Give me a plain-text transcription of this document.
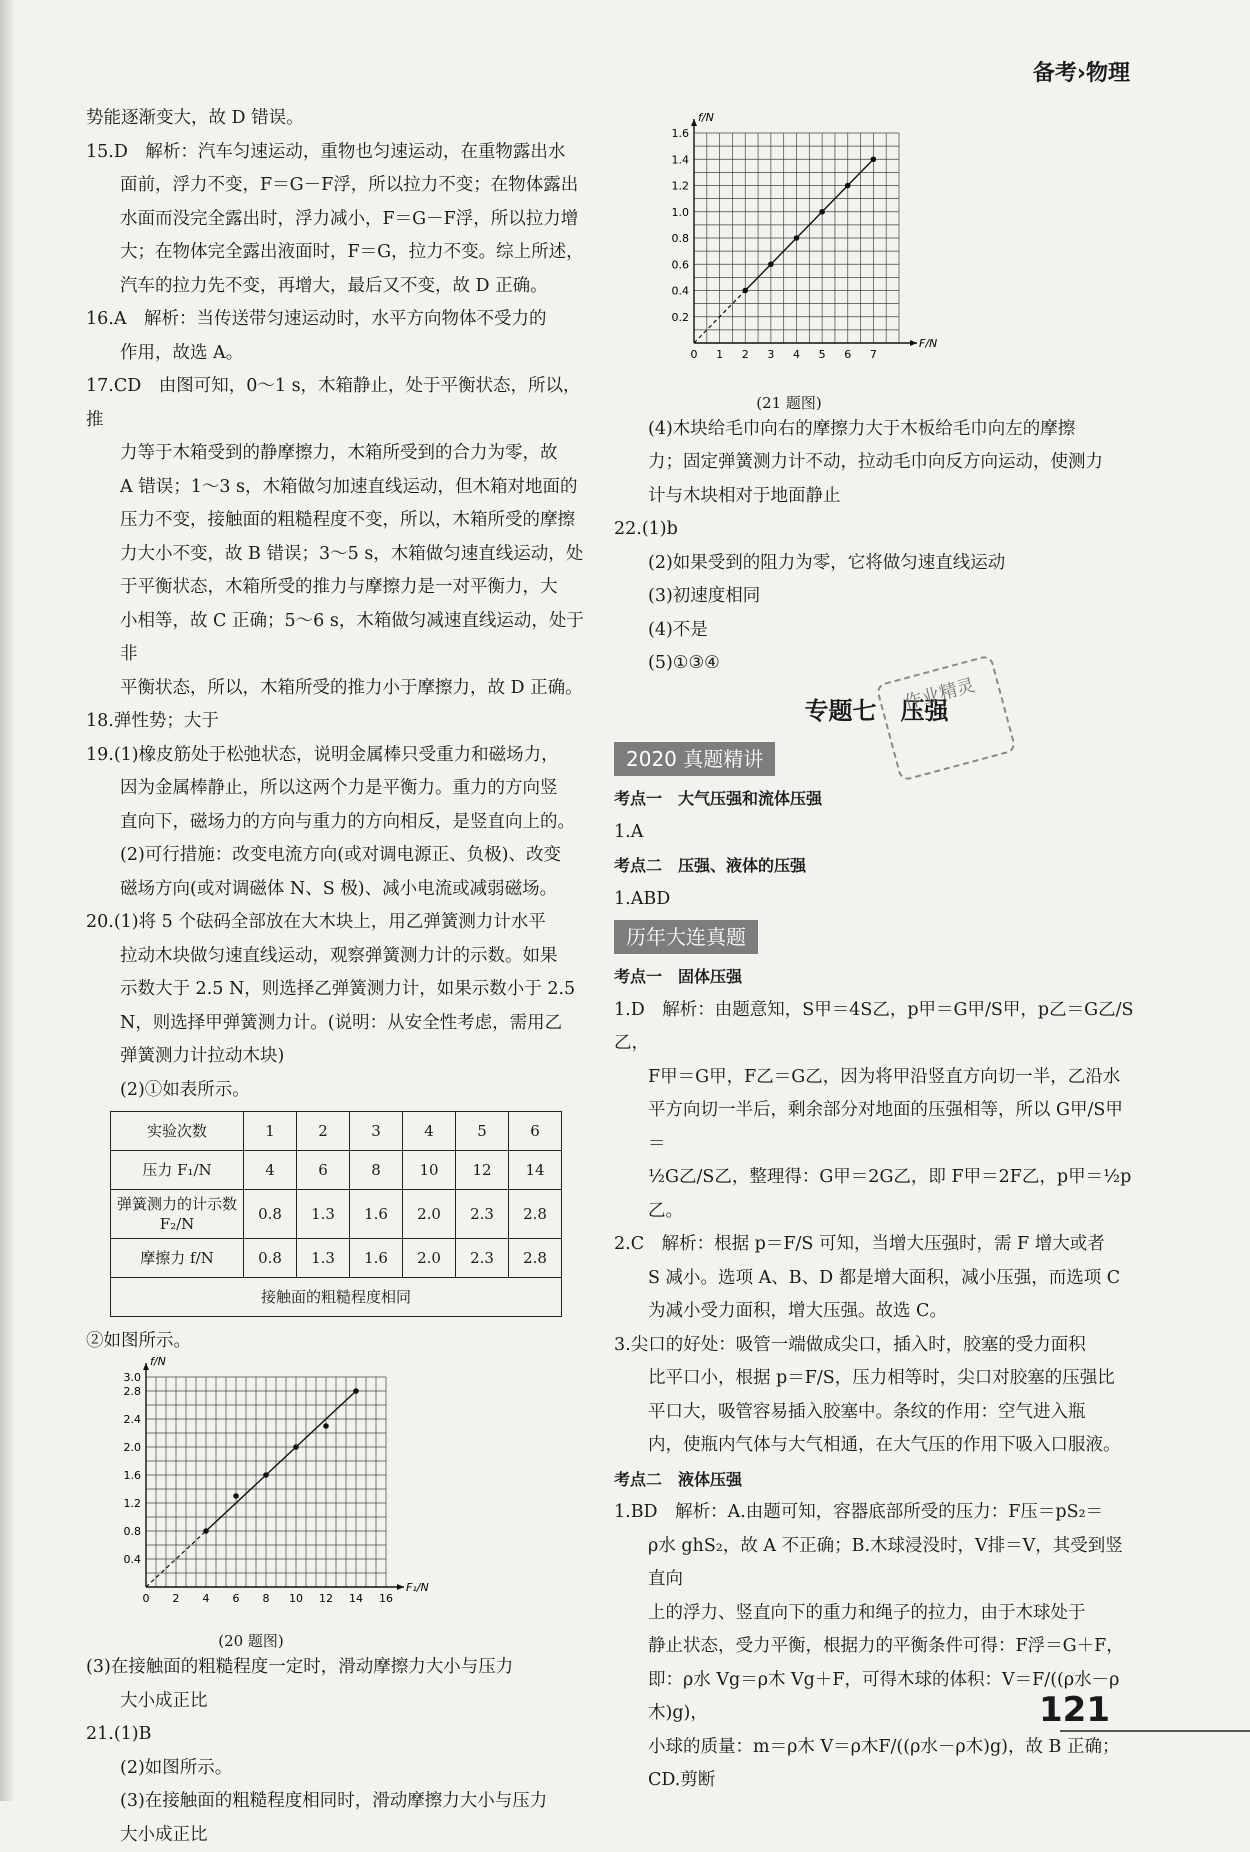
备考›物理

势能逐渐变大，故 D 错误。

15.D　解析：汽车匀速运动，重物也匀速运动，在重物露出水

面前，浮力不变，F＝G－F浮，所以拉力不变；在物体露出

水面而没完全露出时，浮力减小，F＝G－F浮，所以拉力增

大；在物体完全露出液面时，F＝G，拉力不变。综上所述，

汽车的拉力先不变，再增大，最后又不变，故 D 正确。

16.A　解析：当传送带匀速运动时，水平方向物体不受力的

作用，故选 A。

17.CD　由图可知，0～1 s，木箱静止，处于平衡状态，所以，推

力等于木箱受到的静摩擦力，木箱所受到的合力为零，故

A 错误；1～3 s，木箱做匀加速直线运动，但木箱对地面的

压力不变，接触面的粗糙程度不变，所以，木箱所受的摩擦

力大小不变，故 B 错误；3～5 s，木箱做匀速直线运动，处

于平衡状态，木箱所受的推力与摩擦力是一对平衡力，大

小相等，故 C 正确；5～6 s，木箱做匀减速直线运动，处于非

平衡状态，所以，木箱所受的推力小于摩擦力，故 D 正确。

18.弹性势；大于

19.(1)橡皮筋处于松弛状态，说明金属棒只受重力和磁场力，

因为金属棒静止，所以这两个力是平衡力。重力的方向竖

直向下，磁场力的方向与重力的方向相反，是竖直向上的。

(2)可行措施：改变电流方向(或对调电源正、负极)、改变

磁场方向(或对调磁体 N、S 极)、减小电流或减弱磁场。

20.(1)将 5 个砝码全部放在大木块上，用乙弹簧测力计水平

拉动木块做匀速直线运动，观察弹簧测力计的示数。如果

示数大于 2.5 N，则选择乙弹簧测力计，如果示数小于 2.5

N，则选择甲弹簧测力计。(说明：从安全性考虑，需用乙

弹簧测力计拉动木块)

(2)①如表所示。

实验次数	1	2	3	4	5	6
压力 F₁/N	4	6	8	10	12	14
弹簧测力的计示数 F₂/N	0.8	1.3	1.6	2.0	2.3	2.8
摩擦力 f/N	0.8	1.3	1.6	2.0	2.3	2.8
接触面的粗糙程度相同						

②如图所示。

F₁/N
f/N
0 2 4 6 8 10 12 14 16
0.4
0.8
1.2
1.6
2.0
2.4
2.8
3.0
(20 题图)

(3)在接触面的粗糙程度一定时，滑动摩擦力大小与压力

大小成正比

21.(1)B

(2)如图所示。

(3)在接触面的粗糙程度相同时，滑动摩擦力大小与压力

大小成正比

F/N
f/N
0 1 2 3 4 5 6 7
0.2
0.4
0.6
0.8
1.0
1.2
1.4
1.6
(21 题图)

(4)木块给毛巾向右的摩擦力大于木板给毛巾向左的摩擦

力；固定弹簧测力计不动，拉动毛巾向反方向运动，使测力

计与木块相对于地面静止

22.(1)b

(2)如果受到的阻力为零，它将做匀速直线运动

(3)初速度相同

(4)不是

(5)①③④

专题七　压强
2020 真题精讲

考点一　大气压强和流体压强

1.A

考点二　压强、液体的压强

1.ABD

历年大连真题

考点一　固体压强

1.D　解析：由题意知，S甲＝4S乙，p甲＝G甲/S甲，p乙＝G乙/S乙，

F甲＝G甲，F乙＝G乙，因为将甲沿竖直方向切一半，乙沿水

平方向切一半后，剩余部分对地面的压强相等，所以 G甲/S甲＝

½G乙/S乙，整理得：G甲＝2G乙，即 F甲＝2F乙，p甲＝½p乙。

2.C　解析：根据 p＝F/S 可知，当增大压强时，需 F 增大或者

S 减小。选项 A、B、D 都是增大面积，减小压强，而选项 C

为减小受力面积，增大压强。故选 C。

3.尖口的好处：吸管一端做成尖口，插入时，胶塞的受力面积

比平口小，根据 p＝F/S，压力相等时，尖口对胶塞的压强比

平口大，吸管容易插入胶塞中。条纹的作用：空气进入瓶

内，使瓶内气体与大气相通，在大气压的作用下吸入口服液。

考点二　液体压强

1.BD　解析：A.由题可知，容器底部所受的压力：F压＝pS₂＝

ρ水 ghS₂，故 A 不正确；B.木球浸没时，V排＝V，其受到竖直向

上的浮力、竖直向下的重力和绳子的拉力，由于木球处于

静止状态，受力平衡，根据力的平衡条件可得：F浮＝G＋F，

即：ρ水 Vg＝ρ木 Vg＋F，可得木球的体积：V＝F/((ρ水－ρ木)g)，

小球的质量：m＝ρ木 V＝ρ木F/((ρ水－ρ木)g)，故 B 正确；CD.剪断

作业精灵
121
